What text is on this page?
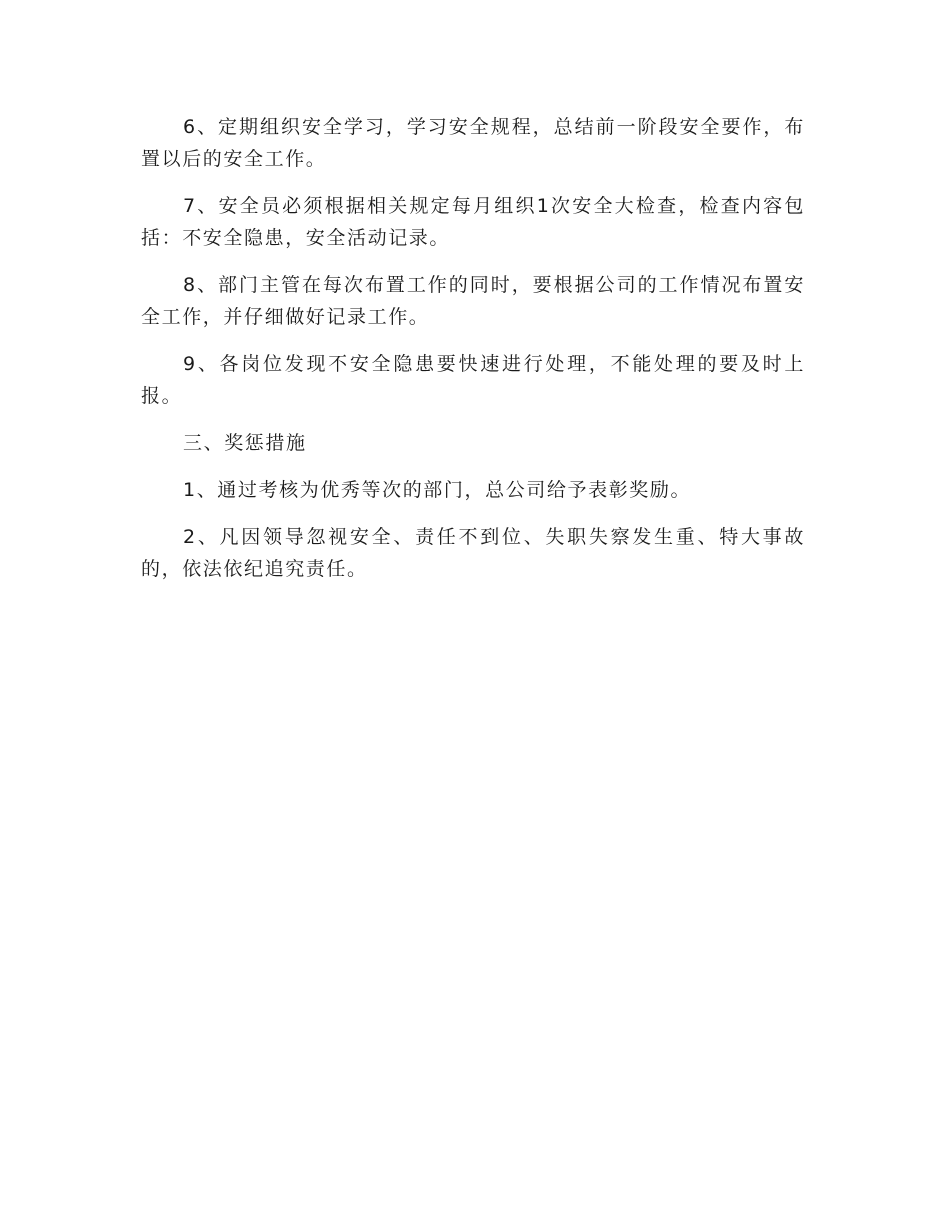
6、定期组织安全学习，学习安全规程，总结前一阶段安全要作，布置以后的安全工作。

7、安全员必须根据相关规定每月组织1次安全大检查，检查内容包括：不安全隐患，安全活动记录。

8、部门主管在每次布置工作的同时，要根据公司的工作情况布置安全工作，并仔细做好记录工作。

9、各岗位发现不安全隐患要快速进行处理，不能处理的要及时上报。

三、奖惩措施

1、通过考核为优秀等次的部门，总公司给予表彰奖励。

2、凡因领导忽视安全、责任不到位、失职失察发生重、特大事故的，依法依纪追究责任。
